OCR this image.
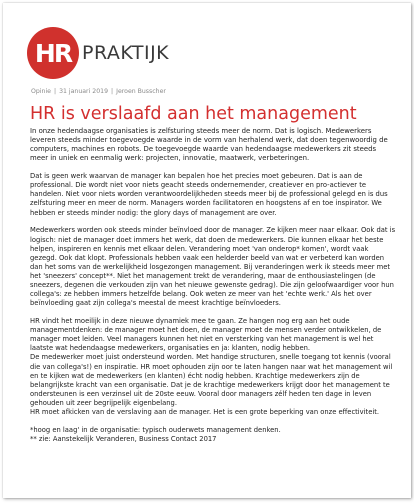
HR PRAKTIJK
Opinie | 31 januari 2019 | Jeroen Busscher
HR is verslaafd aan het management

In onze hedendaagse organisaties is zelfsturing steeds meer de norm. Dat is logisch. Medewerkers leveren steeds minder toegevoegde waarde in de vorm van herhalend werk, dat doen tegenwoordig de computers, machines en robots. De toegevoegde waarde van hedendaagse medewerkers zit steeds meer in uniek en eenmalig werk: projecten, innovatie, maatwerk, verbeteringen.

Dat is geen werk waarvan de manager kan bepalen hoe het precies moet gebeuren. Dat is aan de professional. Die wordt niet voor niets geacht steeds ondernemender, creatiever en pro-actiever te handelen. Niet voor niets worden verantwoordelijkheden steeds meer bij de professional gelegd en is dus zelfsturing meer en meer de norm. Managers worden facilitatoren en hoogstens af en toe inspirator. We hebben er steeds minder nodig: the glory days of management are over.

Medewerkers worden ook steeds minder beïnvloed door de manager. Ze kijken meer naar elkaar. Ook dat is logisch: niet de manager doet immers het werk, dat doen de medewerkers. Die kunnen elkaar het beste helpen, inspireren en kennis met elkaar delen. Verandering moet 'van onderop* komen', wordt vaak gezegd. Ook dat klopt. Professionals hebben vaak een helderder beeld van wat er verbeterd kan worden dan het soms van de werkelijkheid losgezongen management. Bij veranderingen werk ik steeds meer met het 'sneezers' concept**. Niet het management trekt de verandering, maar de enthousiastelingen (de sneezers, degenen die verkouden zijn van het nieuwe gewenste gedrag). Die zijn geloofwaardiger voor hun collega's: ze hebben immers hetzelfde belang. Ook weten ze meer van het 'echte werk.' Als het over beïnvloeding gaat zijn collega's meestal de meest krachtige beïnvloeders.

HR vindt het moeilijk in deze nieuwe dynamiek mee te gaan. Ze hangen nog erg aan het oude managementdenken: de manager moet het doen, de manager moet de mensen verder ontwikkelen, de manager moet leiden. Veel managers kunnen het niet en versterking van het management is wel het laatste wat hedendaagse medewerkers, organisaties en ja: klanten, nodig hebben.

De medewerker moet juist ondersteund worden. Met handige structuren, snelle toegang tot kennis (vooral die van collega's!) en inspiratie. HR moet ophouden zijn oor te laten hangen naar wat het management wil en te kijken wat de medewerkers (en klanten) écht nodig hebben. Krachtige medewerkers zijn de belangrijkste kracht van een organisatie. Dat je de krachtige medewerkers krijgt door het management te ondersteunen is een verzinsel uit de 20ste eeuw. Vooral door managers zélf heden ten dage in leven gehouden uit zeer begrijpelijk eigenbelang.

HR moet afkicken van de verslaving aan de manager. Het is een grote beperking van onze effectiviteit.

*hoog en laag' in de organisatie: typisch ouderwets management denken.

** zie: Aanstekelijk Veranderen, Business Contact 2017
